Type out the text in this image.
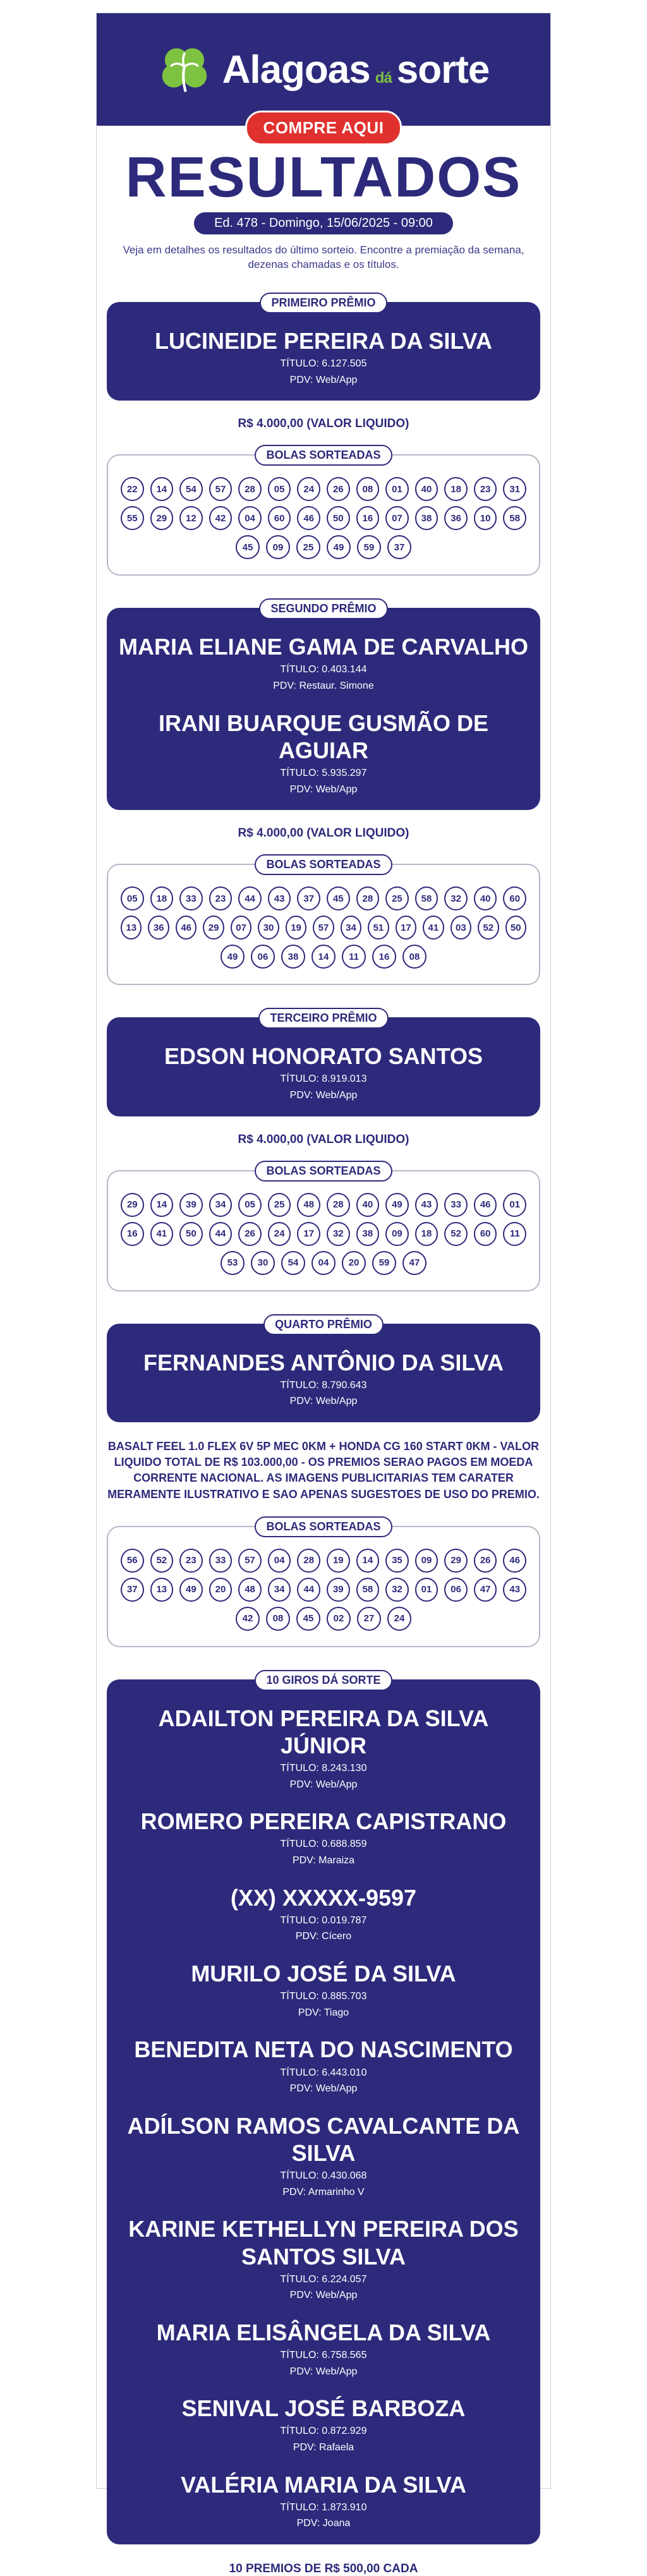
Alagoas dá sorte
COMPRE AQUI
RESULTADOS
Ed. 478 - Domingo, 15/06/2025 - 09:00

Veja em detalhes os resultados do último sorteio. Encontre a premiação da semana, dezenas chamadas e os títulos.

PRIMEIRO PRÊMIO
LUCINEIDE PEREIRA DA SILVA
TÍTULO: 6.127.505
PDV: Web/App
R$ 4.000,00 (VALOR LIQUIDO)
BOLAS SORTEADAS
22	14	54	57	28	05	24	26	08	01	40	18	23	31
55	29	12	42	04	60	46	50	16	07	38	36	10	58
45	09	25	49	59	37
SEGUNDO PRÊMIO
MARIA ELIANE GAMA DE CARVALHO
TÍTULO: 0.403.144
PDV: Restaur. Simone
IRANI BUARQUE GUSMÃO DE AGUIAR
TÍTULO: 5.935.297
PDV: Web/App
R$ 4.000,00 (VALOR LIQUIDO)
BOLAS SORTEADAS
05	18	33	23	44	43	37	45	28	25	58	32	40	60
13	36	46	29	07	30	19	57	34	51	17	41	03	52	50
49	06	38	14	11	16	08
TERCEIRO PRÊMIO
EDSON HONORATO SANTOS
TÍTULO: 8.919.013
PDV: Web/App
R$ 4.000,00 (VALOR LIQUIDO)
BOLAS SORTEADAS
29	14	39	34	05	25	48	28	40	49	43	33	46	01
16	41	50	44	26	24	17	32	38	09	18	52	60	11
53	30	54	04	20	59	47
QUARTO PRÊMIO
FERNANDES ANTÔNIO DA SILVA
TÍTULO: 8.790.643
PDV: Web/App
BASALT FEEL 1.0 FLEX 6V 5P MEC 0KM + HONDA CG 160 START 0KM - VALOR LIQUIDO TOTAL DE R$ 103.000,00 - OS PREMIOS SERAO PAGOS EM MOEDA CORRENTE NACIONAL. AS IMAGENS PUBLICITARIAS TEM CARATER MERAMENTE ILUSTRATIVO E SAO APENAS SUGESTOES DE USO DO PREMIO.
BOLAS SORTEADAS
56	52	23	33	57	04	28	19	14	35	09	29	26	46
37	13	49	20	48	34	44	39	58	32	01	06	47	43
42	08	45	02	27	24
10 GIROS DÁ SORTE
ADAILTON PEREIRA DA SILVA JÚNIOR
TÍTULO: 8.243.130
PDV: Web/App
ROMERO PEREIRA CAPISTRANO
TÍTULO: 0.688.859
PDV: Maraiza
(XX) XXXXX-9597
TÍTULO: 0.019.787
PDV: Cícero
MURILO JOSÉ DA SILVA
TÍTULO: 0.885.703
PDV: Tiago
BENEDITA NETA DO NASCIMENTO
TÍTULO: 6.443.010
PDV: Web/App
ADÍLSON RAMOS CAVALCANTE DA SILVA
TÍTULO: 0.430.068
PDV: Armarinho V
KARINE KETHELLYN PEREIRA DOS SANTOS SILVA
TÍTULO: 6.224.057
PDV: Web/App
MARIA ELISÂNGELA DA SILVA
TÍTULO: 6.758.565
PDV: Web/App
SENIVAL JOSÉ BARBOZA
TÍTULO: 0.872.929
PDV: Rafaela
VALÉRIA MARIA DA SILVA
TÍTULO: 1.873.910
PDV: Joana
10 PREMIOS DE R$ 500,00 CADA
